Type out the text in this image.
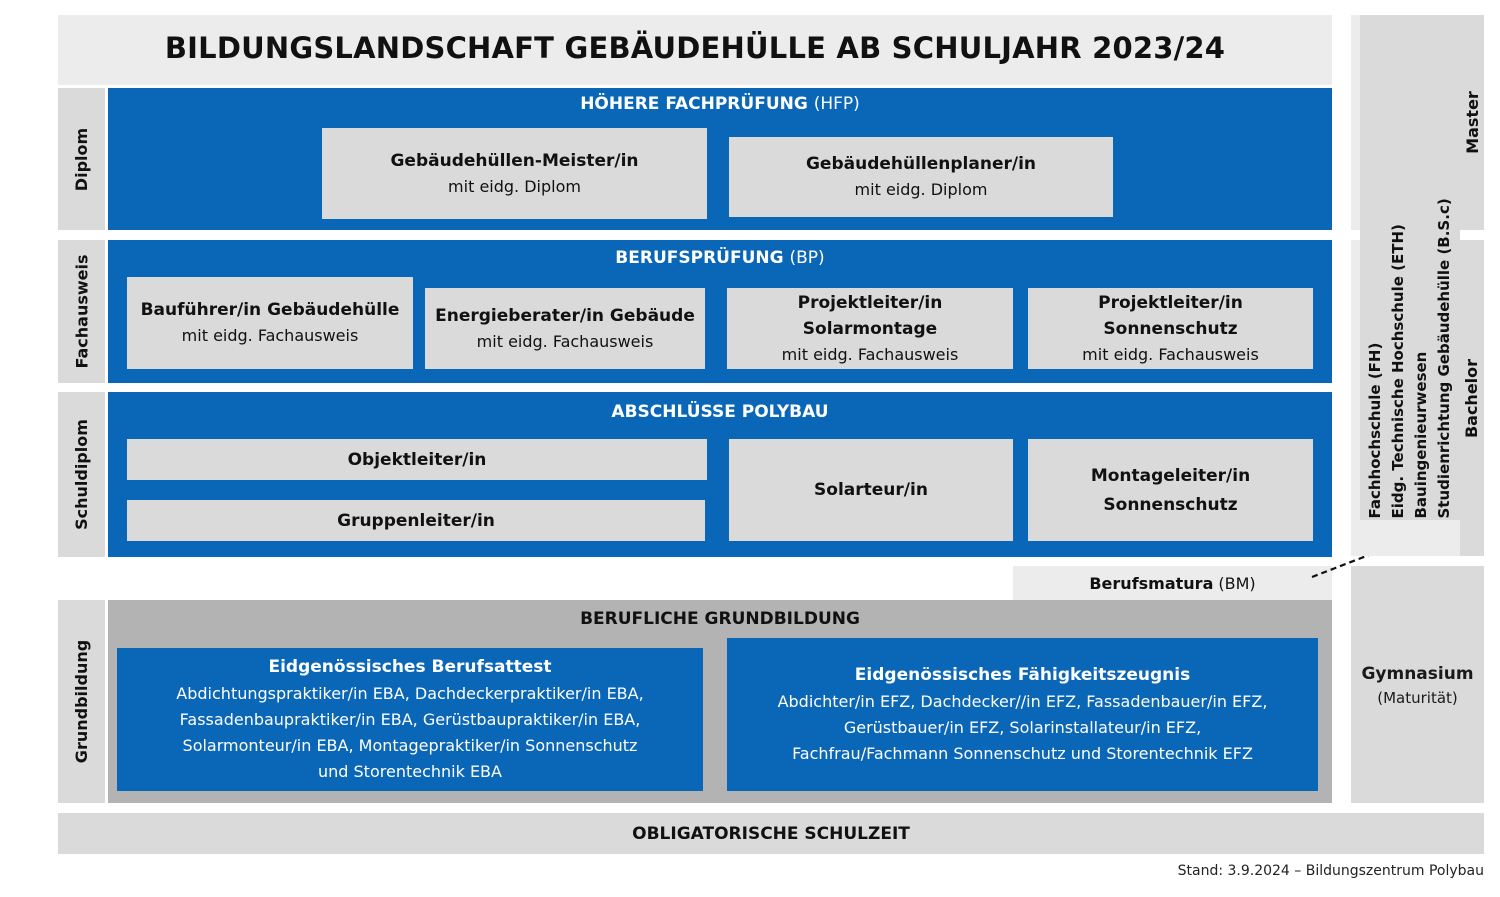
BILDUNGSLANDSCHAFT GEBÄUDEHÜLLE AB SCHULJAHR 2023/24
Diplom
Fachausweis
Schuldiplom
Grundbildung
HÖHERE FACHPRÜFUNG (HFP)
Gebäudehüllen-Meister/in
mit eidg. Diplom
Gebäudehüllenplaner/in
mit eidg. Diplom
BERUFSPRÜFUNG (BP)
Bauführer/in Gebäudehülle
mit eidg. Fachausweis
Energieberater/in Gebäude
mit eidg. Fachausweis
Projektleiter/in
Solarmontage
mit eidg. Fachausweis
Projektleiter/in
Sonnenschutz
mit eidg. Fachausweis
ABSCHLÜSSE POLYBAU
Objektleiter/in
Gruppenleiter/in
Solarteur/in
Montageleiter/in
Sonnenschutz
Berufsmatura (BM)
BERUFLICHE GRUNDBILDUNG
Eidgenössisches Berufsattest
Abdichtungspraktiker/in EBA, Dachdeckerpraktiker/in EBA,
Fassadenbaupraktiker/in EBA, Gerüstbaupraktiker/in EBA,
Solarmonteur/in EBA, Montagepraktiker/in Sonnenschutz
und Storentechnik EBA
Eidgenössisches Fähigkeitszeugnis
Abdichter/in EFZ, Dachdecker//in EFZ, Fassadenbauer/in EFZ,
Gerüstbauer/in EFZ, Solarinstallateur/in EFZ,
Fachfrau/Fachmann Sonnenschutz und Storentechnik EFZ
OBLIGATORISCHE SCHULZEIT
Master
Bachelor
Fachhochschule (FH) Eidg. Technische Hochschule (ETH) Bauingenieurwesen Studienrichtung Gebäudehülle (B.S.c)
Gymnasium
(Maturität)
Stand: 3.9.2024 – Bildungszentrum Polybau
